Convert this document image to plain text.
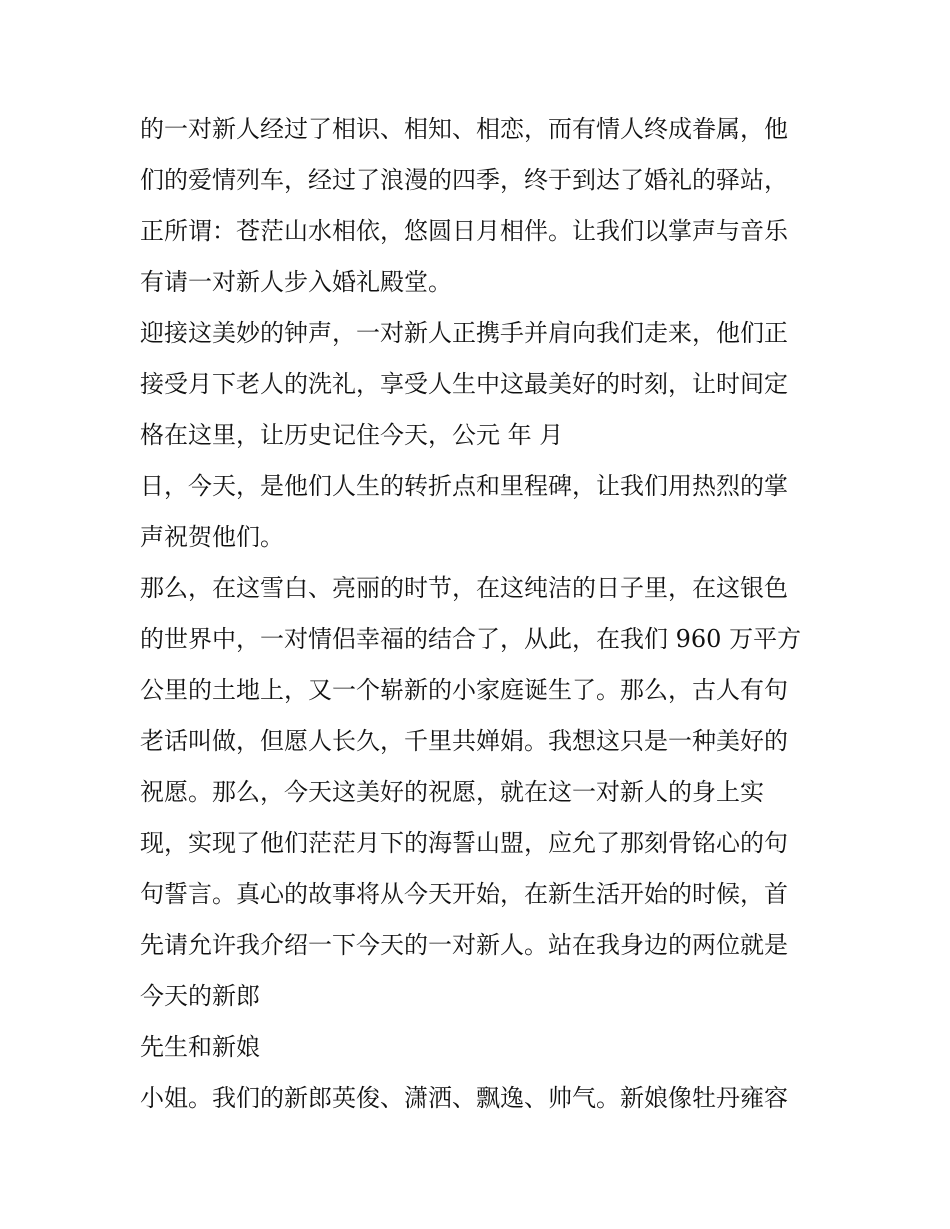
的一对新人经过了相识、相知、相恋，而有情人终成眷属，他
们的爱情列车，经过了浪漫的四季，终于到达了婚礼的驿站，
正所谓：苍茫山水相依，悠圆日月相伴。让我们以掌声与音乐
有请一对新人步入婚礼殿堂。
迎接这美妙的钟声，一对新人正携手并肩向我们走来，他们正
接受月下老人的洗礼，享受人生中这最美好的时刻，让时间定
格在这里，让历史记住今天，公元 年 月
日，今天，是他们人生的转折点和里程碑，让我们用热烈的掌
声祝贺他们。
那么，在这雪白、亮丽的时节，在这纯洁的日子里，在这银色
的世界中，一对情侣幸福的结合了，从此，在我们 960 万平方
公里的土地上，又一个崭新的小家庭诞生了。那么，古人有句
老话叫做，但愿人长久，千里共婵娟。我想这只是一种美好的
祝愿。那么，今天这美好的祝愿，就在这一对新人的身上实
现，实现了他们茫茫月下的海誓山盟，应允了那刻骨铭心的句
句誓言。真心的故事将从今天开始，在新生活开始的时候，首
先请允许我介绍一下今天的一对新人。站在我身边的两位就是
今天的新郎
先生和新娘
小姐。我们的新郎英俊、潇洒、飘逸、帅气。新娘像牡丹雍容
